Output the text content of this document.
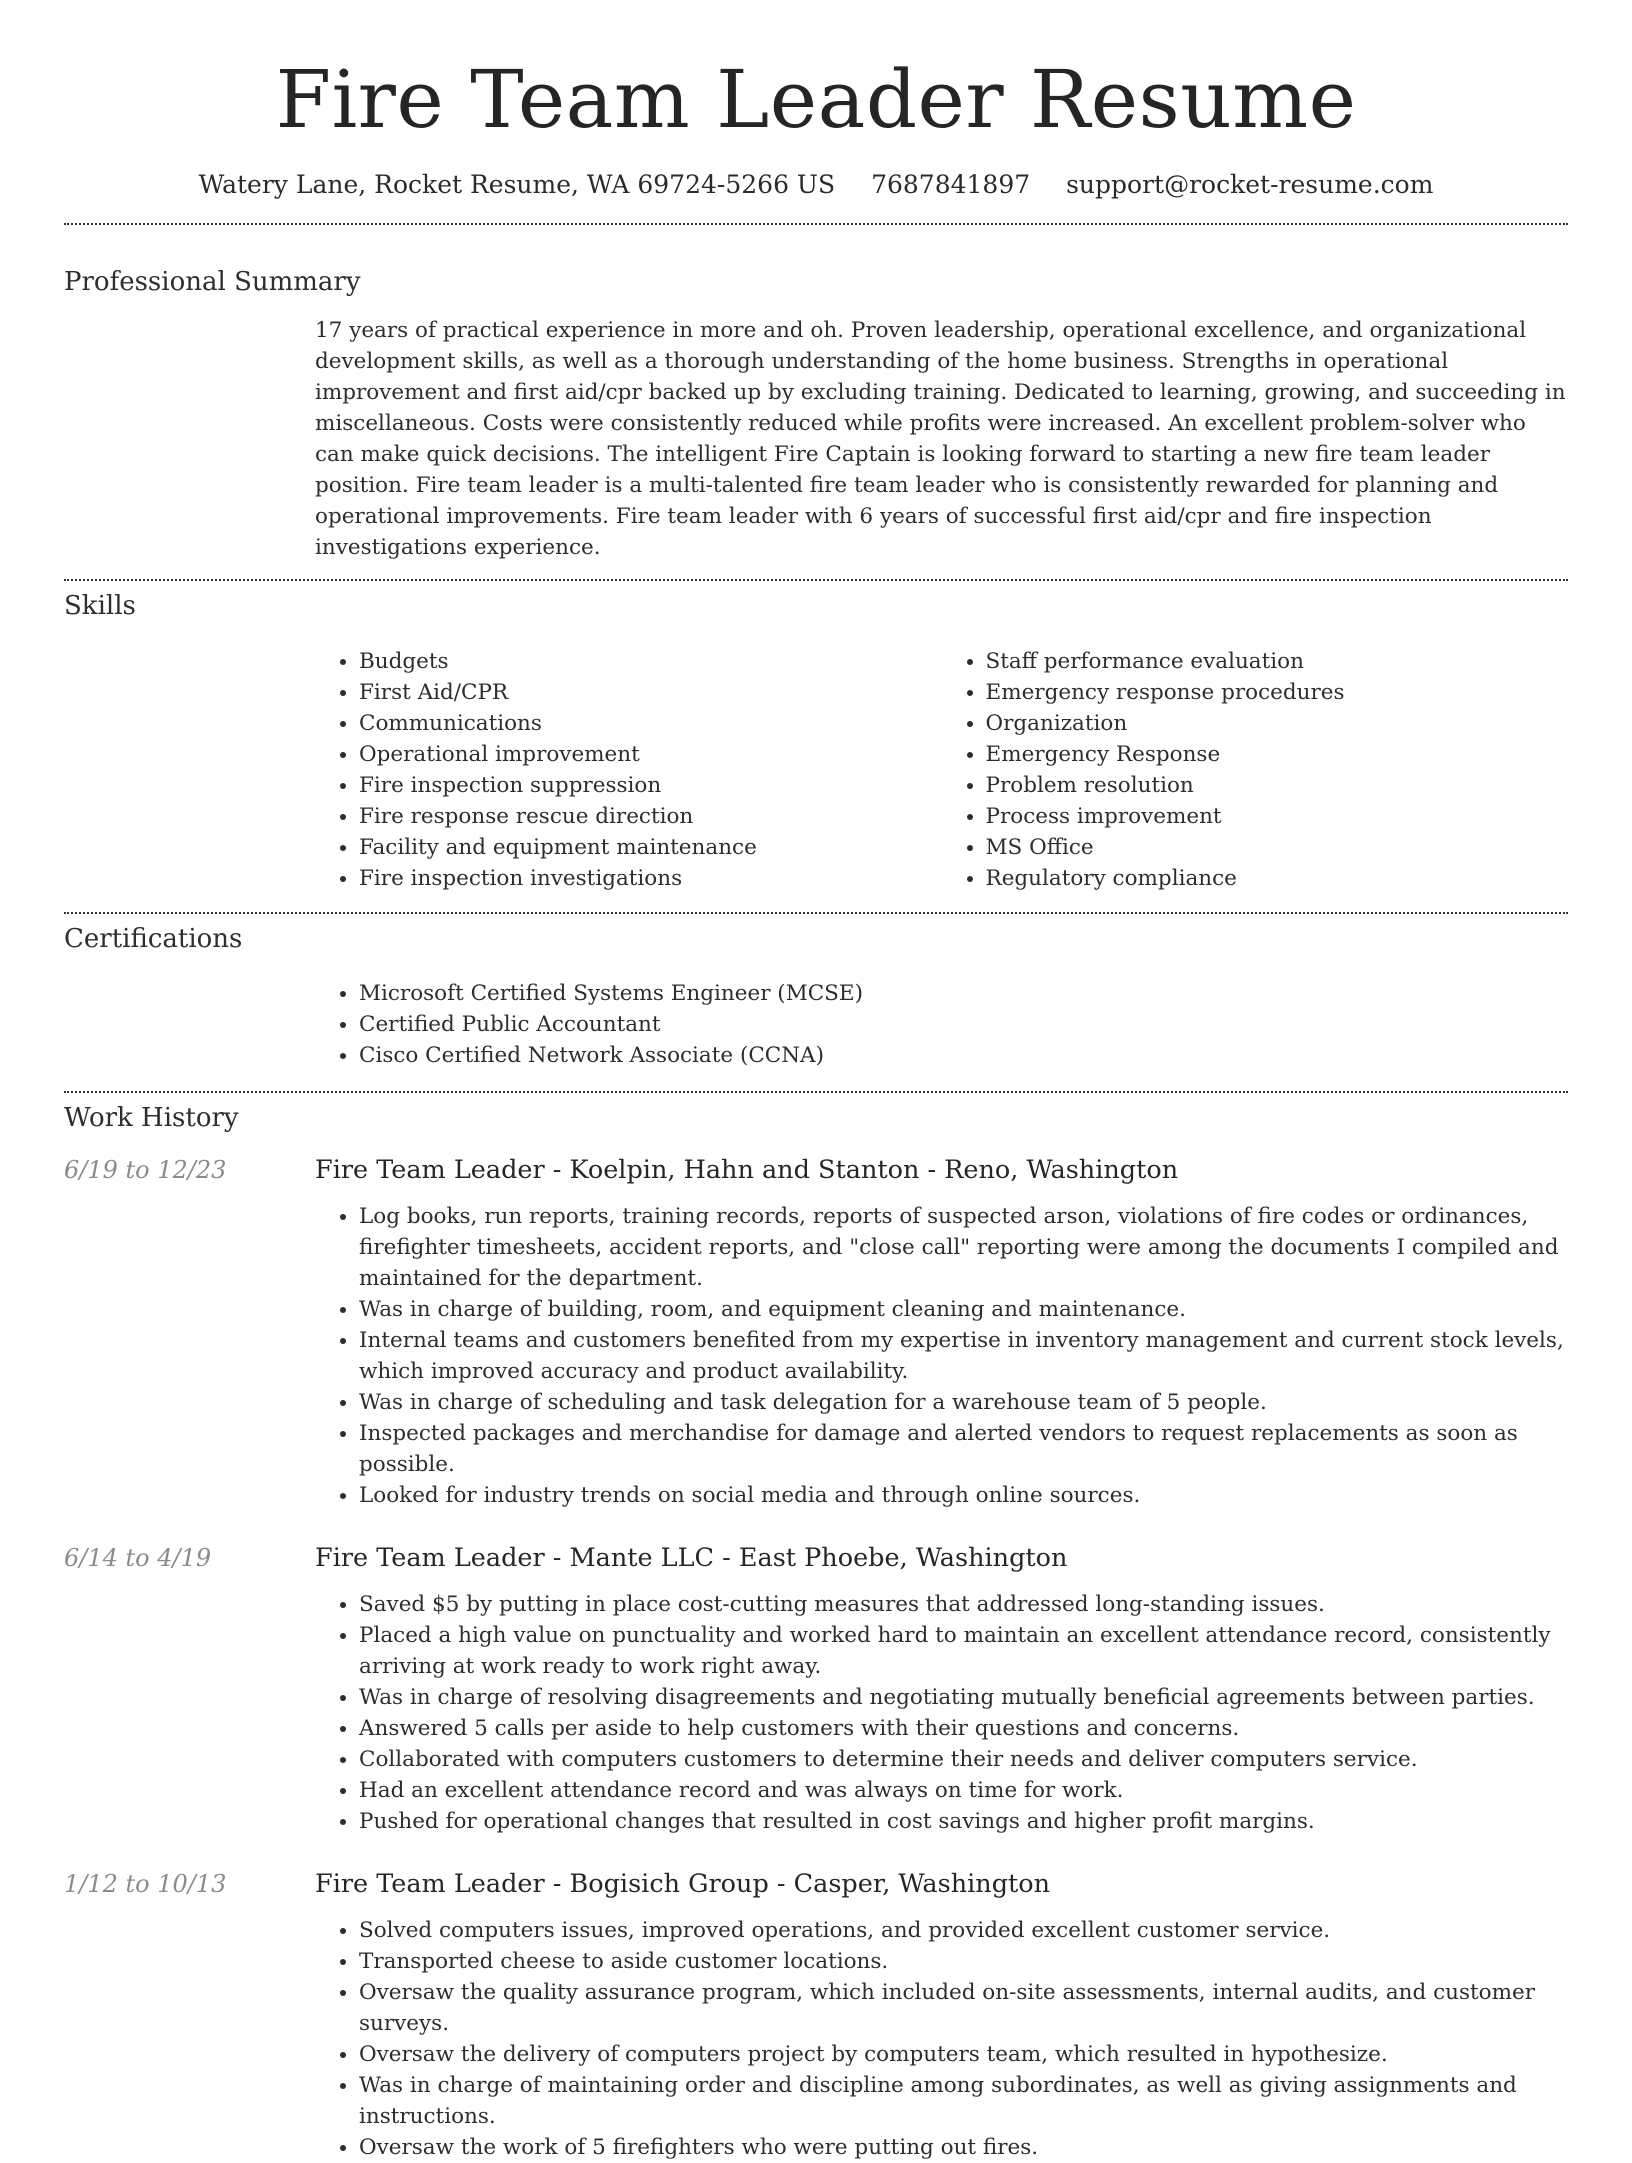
Fire Team Leader Resume
Watery Lane, Rocket Resume, WA 69724-5266 US 7687841897 support@rocket-resume.com
Professional Summary
17 years of practical experience in more and oh. Proven leadership, operational excellence, and organizational development skills, as well as a thorough understanding of the home business. Strengths in operational improvement and first aid/cpr backed up by excluding training. Dedicated to learning, growing, and succeeding in miscellaneous. Costs were consistently reduced while profits were increased. An excellent problem-solver who can make quick decisions. The intelligent Fire Captain is looking forward to starting a new fire team leader position. Fire team leader is a multi-talented fire team leader who is consistently rewarded for planning and operational improvements. Fire team leader with 6 years of successful first aid/cpr and fire inspection investigations experience.
Skills
• Budgets
• First Aid/CPR
• Communications
• Operational improvement
• Fire inspection suppression
• Fire response rescue direction
• Facility and equipment maintenance
• Fire inspection investigations
• Staff performance evaluation
• Emergency response procedures
• Organization
• Emergency Response
• Problem resolution
• Process improvement
• MS Office
• Regulatory compliance
Certifications
• Microsoft Certified Systems Engineer (MCSE)
• Certified Public Accountant
• Cisco Certified Network Associate (CCNA)
Work History
6/19 to 12/23	Fire Team Leader - Koelpin, Hahn and Stanton - Reno, Washington
• Log books, run reports, training records, reports of suspected arson, violations of fire codes or ordinances, firefighter timesheets, accident reports, and "close call" reporting were among the documents I compiled and maintained for the department.
• Was in charge of building, room, and equipment cleaning and maintenance.
• Internal teams and customers benefited from my expertise in inventory management and current stock levels, which improved accuracy and product availability.
• Was in charge of scheduling and task delegation for a warehouse team of 5 people.
• Inspected packages and merchandise for damage and alerted vendors to request replacements as soon as possible.
• Looked for industry trends on social media and through online sources.
6/14 to 4/19	Fire Team Leader - Mante LLC - East Phoebe, Washington
• Saved $5 by putting in place cost-cutting measures that addressed long-standing issues.
• Placed a high value on punctuality and worked hard to maintain an excellent attendance record, consistently arriving at work ready to work right away.
• Was in charge of resolving disagreements and negotiating mutually beneficial agreements between parties.
• Answered 5 calls per aside to help customers with their questions and concerns.
• Collaborated with computers customers to determine their needs and deliver computers service.
• Had an excellent attendance record and was always on time for work.
• Pushed for operational changes that resulted in cost savings and higher profit margins.
1/12 to 10/13	Fire Team Leader - Bogisich Group - Casper, Washington
• Solved computers issues, improved operations, and provided excellent customer service.
• Transported cheese to aside customer locations.
• Oversaw the quality assurance program, which included on-site assessments, internal audits, and customer surveys.
• Oversaw the delivery of computers project by computers team, which resulted in hypothesize.
• Was in charge of maintaining order and discipline among subordinates, as well as giving assignments and instructions.
• Oversaw the work of 5 firefighters who were putting out fires.
